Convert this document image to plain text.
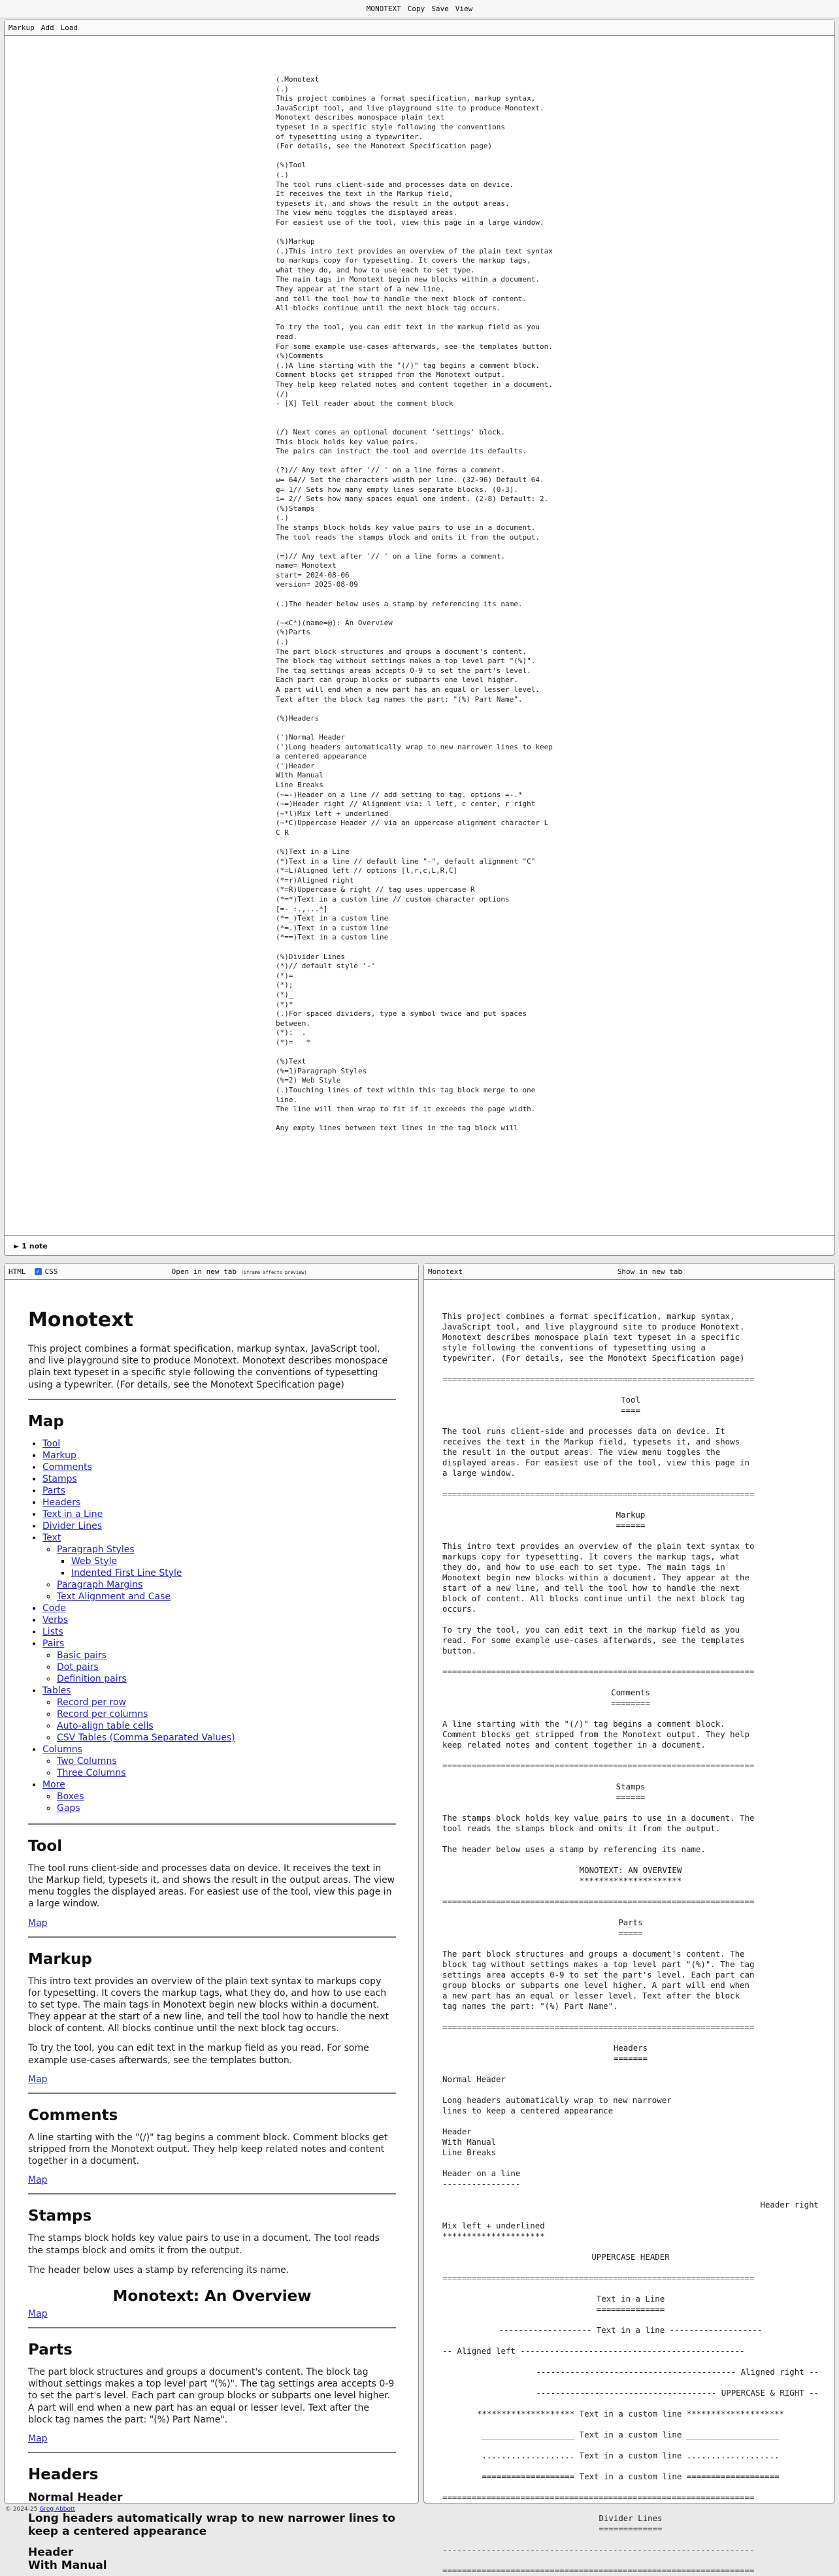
MONOTEXT Copy Save View
Markup Add Load
(.Monotext
(.)
This project combines a format specification, markup syntax,
JavaScript tool, and live playground site to produce Monotext.
Monotext describes monospace plain text
typeset in a specific style following the conventions
of typesetting using a typewriter.
(For details, see the Monotext Specification page)

(%)Tool
(.)
The tool runs client-side and processes data on device.
It receives the text in the Markup field,
typesets it, and shows the result in the output areas.
The view menu toggles the displayed areas.
For easiest use of the tool, view this page in a large window.

(%)Markup
(.)This intro text provides an overview of the plain text syntax
to markups copy for typesetting. It covers the markup tags,
what they do, and how to use each to set type.
The main tags in Monotext begin new blocks within a document.
They appear at the start of a new line,
and tell the tool how to handle the next block of content.
All blocks continue until the next block tag occurs.

To try the tool, you can edit text in the markup field as you
read.
For some example use-cases afterwards, see the templates button.
(%)Comments
(.)A line starting with the "(/)" tag begins a comment block.
Comment blocks get stripped from the Monotext output.
They help keep related notes and content together in a document.
(/)
- [X] Tell reader about the comment block

(/) Next comes an optional document 'settings' block.
This block holds key value pairs.
The pairs can instruct the tool and override its defaults.

(?)// Any text after '// ' on a line forms a comment.
w= 64// Set the characters width per line. (32-96) Default 64.
g= 1// Sets how many empty lines separate blocks. (0-3).
i= 2// Sets how many spaces equal one indent. (2-8) Default: 2.
(%)Stamps
(.)
The stamps block holds key value pairs to use in a document.
The tool reads the stamps block and omits it from the output.

(=)// Any text after '// ' on a line forms a comment.
name= Monotext
start= 2024-08-06
version= 2025-08-09

(.)The header below uses a stamp by referencing its name.

(~<C*)(name=@): An Overview
(%)Parts
(.)
The part block structures and groups a document's content.
The block tag without settings makes a top level part "(%)".
The tag settings areas accepts 0-9 to set the part's level.
Each part can group blocks or subparts one level higher.
A part will end when a new part has an equal or lesser level.
Text after the block tag names the part: "(%) Part Name".

(%)Headers

(')Normal Header
(')Long headers automatically wrap to new narrower lines to keep
a centered appearance
(')Header
With Manual
Line Breaks
(~=-)Header on a line // add setting to tag. options =-.*
(~=)Header right // Alignment via: l left, c center, r right
(~*l)Mix left + underlined
(~*C)Uppercase Header // via an uppercase alignment character L
C R

(%)Text in a Line
(*)Text in a line // default line "-", default alignment "C"
(*=L)Aligned left // options [l,r,c,L,R,C]
(*=r)Aligned right
(*=R)Uppercase & right // tag uses uppercase R
(*=*)Text in a custom line // custom character options
[=-_:.,...*]
(*=_)Text in a custom line
(*=.)Text in a custom line
(*==)Text in a custom line

(%)Divider Lines
(*)// default style '-'
(*)=
(*);
(*)_
(*)*
(.)For spaced dividers, type a symbol twice and put spaces
between.
(*):  .
(*)=   *

(%)Text
(%=1)Paragraph Styles
(%=2) Web Style
(.)Touching lines of text within this tag block merge to one
line.
The line will then wrap to fit if it exceeds the page width.

Any empty lines between text lines in the tag block will
► 1 note
HTML	✓ CSS	Open in new tab (iframe affects preview)
Monotext

This project combines a format specification, markup syntax, JavaScript tool, and live playground site to produce Monotext. Monotext describes monospace plain text typeset in a specific style following the conventions of typesetting using a typewriter. (For details, see the Monotext Specification page)

Map
• Tool
• Markup
• Comments
• Stamps
• Parts
• Headers
• Text in a Line
• Divider Lines
• Text
◦ Paragraph Styles
▪ Web Style
▪ Indented First Line Style
◦ Paragraph Margins
◦ Text Alignment and Case
• Code
• Verbs
• Lists
• Pairs
◦ Basic pairs
◦ Dot pairs
◦ Definition pairs
• Tables
◦ Record per row
◦ Record per columns
◦ Auto-align table cells
◦ CSV Tables (Comma Separated Values)
• Columns
◦ Two Columns
◦ Three Columns
• More
◦ Boxes
◦ Gaps
Tool

The tool runs client-side and processes data on device. It receives the text in the Markup field, typesets it, and shows the result in the output areas. The view menu toggles the displayed areas. For easiest use of the tool, view this page in a large window.

Map
Markup

This intro text provides an overview of the plain text syntax to markups copy for typesetting. It covers the markup tags, what they do, and how to use each to set type. The main tags in Monotext begin new blocks within a document. They appear at the start of a new line, and tell the tool how to handle the next block of content. All blocks continue until the next block tag occurs.

To try the tool, you can edit text in the markup field as you read. For some example use-cases afterwards, see the templates button.

Map
Comments

A line starting with the "(/)" tag begins a comment block. Comment blocks get stripped from the Monotext output. They help keep related notes and content together in a document.

Map
Stamps

The stamps block holds key value pairs to use in a document. The tool reads the stamps block and omits it from the output.

The header below uses a stamp by referencing its name.

Monotext: An Overview
Map
Parts

The part block structures and groups a document's content. The block tag without settings makes a top level part "(%)". The tag settings area accepts 0-9 to set the part's level. Each part can group blocks or subparts one level higher. A part will end when a new part has an equal or lesser level. Text after the block tag names the part: "(%) Part Name".

Map
Headers
Normal Header
Long headers automatically wrap to new narrower lines to keep a centered appearance
Header
With Manual
Monotext	Show in new tab
This project combines a format specification, markup syntax,
JavaScript tool, and live playground site to produce Monotext.
Monotext describes monospace plain text typeset in a specific
style following the conventions of typesetting using a
typewriter. (For details, see the Monotext Specification page)
================================================================
Tool
====
The tool runs client-side and processes data on device. It
receives the text in the Markup field, typesets it, and shows
the result in the output areas. The view menu toggles the
displayed areas. For easiest use of the tool, view this page in
a large window.
================================================================
Markup
======
This intro text provides an overview of the plain text syntax to
markups copy for typesetting. It covers the markup tags, what
they do, and how to use each to set type. The main tags in
Monotext begin new blocks within a document. They appear at the
start of a new line, and tell the tool how to handle the next
block of content. All blocks continue until the next block tag
occurs.
To try the tool, you can edit text in the markup field as you
read. For some example use-cases afterwards, see the templates
button.
================================================================
Comments
========
A line starting with the "(/)" tag begins a comment block.
Comment blocks get stripped from the Monotext output. They help
keep related notes and content together in a document.
================================================================
Stamps
======
The stamps block holds key value pairs to use in a document. The
tool reads the stamps block and omits it from the output.
The header below uses a stamp by referencing its name.
MONOTEXT: AN OVERVIEW
*********************
================================================================
Parts
=====
The part block structures and groups a document's content. The
block tag without settings makes a top level part "(%)". The tag
settings area accepts 0-9 to set the part's level. Each part can
group blocks or subparts one level higher. A part will end when
a new part has an equal or lesser level. Text after the block
tag names the part: "(%) Part Name".
================================================================
Headers
=======
Normal Header
Long headers automatically wrap to new narrower
lines to keep a centered appearance
Header
With Manual
Line Breaks
Header on a line
----------------
Header right
Mix left + underlined
*********************
UPPERCASE HEADER
================================================================
Text in a Line
==============
------------------- Text in a line -------------------
-- Aligned left ----------------------------------------------
----------------------------------------- Aligned right --
------------------------------------- UPPERCASE & RIGHT --
******************** Text in a custom line ********************
___________________ Text in a custom line ___________________
................... Text in a custom line ...................
=================== Text in a custom line ===================
================================================================
Divider Lines
=============
----------------------------------------------------------------
================================================================
© 2024-25 Greg Abbott
